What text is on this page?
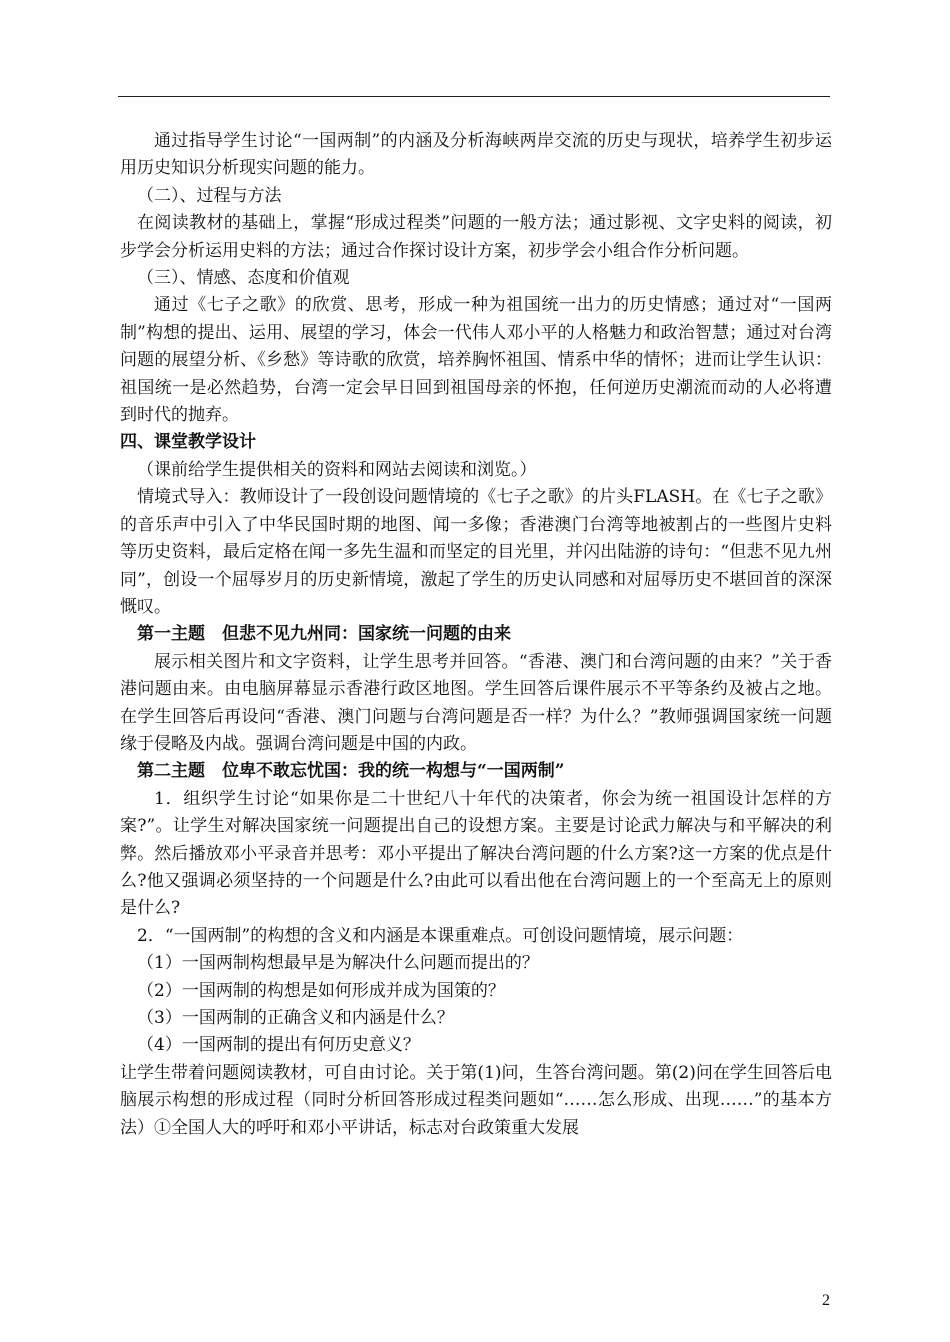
通过指导学生讨论“一国两制”的内涵及分析海峡两岸交流的历史与现状，培养学生初步运用历史知识分析现实问题的能力。

（二）、过程与方法

在阅读教材的基础上，掌握“形成过程类”问题的一般方法；通过影视、文字史料的阅读，初步学会分析运用史料的方法；通过合作探讨设计方案，初步学会小组合作分析问题。

（三）、情感、态度和价值观

通过《七子之歌》的欣赏、思考，形成一种为祖国统一出力的历史情感；通过对“一国两制”构想的提出、运用、展望的学习，体会一代伟人邓小平的人格魅力和政治智慧；通过对台湾问题的展望分析、《乡愁》等诗歌的欣赏，培养胸怀祖国、情系中华的情怀；进而让学生认识：祖国统一是必然趋势，台湾一定会早日回到祖国母亲的怀抱，任何逆历史潮流而动的人必将遭到时代的抛弃。

四、课堂教学设计

（课前给学生提供相关的资料和网站去阅读和浏览。）

情境式导入：教师设计了一段创设问题情境的《七子之歌》的片头FLASH。在《七子之歌》的音乐声中引入了中华民国时期的地图、闻一多像；香港澳门台湾等地被割占的一些图片史料等历史资料，最后定格在闻一多先生温和而坚定的目光里，并闪出陆游的诗句：“但悲不见九州同”，创设一个屈辱岁月的历史新情境，激起了学生的历史认同感和对屈辱历史不堪回首的深深慨叹。

第一主题　但悲不见九州同：国家统一问题的由来

展示相关图片和文字资料，让学生思考并回答。“香港、澳门和台湾问题的由来？”关于香港问题由来。由电脑屏幕显示香港行政区地图。学生回答后课件展示不平等条约及被占之地。在学生回答后再设问“香港、澳门问题与台湾问题是否一样？为什么？”教师强调国家统一问题缘于侵略及内战。强调台湾问题是中国的内政。

第二主题　位卑不敢忘忧国：我的统一构想与“一国两制”

1．组织学生讨论“如果你是二十世纪八十年代的决策者，你会为统一祖国设计怎样的方案?”。让学生对解决国家统一问题提出自己的设想方案。主要是讨论武力解决与和平解决的利弊。然后播放邓小平录音并思考：邓小平提出了解决台湾问题的什么方案?这一方案的优点是什么?他又强调必须坚持的一个问题是什么?由此可以看出他在台湾问题上的一个至高无上的原则是什么?

2．“一国两制”的构想的含义和内涵是本课重难点。可创设问题情境，展示问题：

（1）一国两制构想最早是为解决什么问题而提出的？

（2）一国两制的构想是如何形成并成为国策的？

（3）一国两制的正确含义和内涵是什么？

（4）一国两制的提出有何历史意义？

让学生带着问题阅读教材，可自由讨论。关于第(1)问，生答台湾问题。第(2)问在学生回答后电脑展示构想的形成过程（同时分析回答形成过程类问题如“……怎么形成、出现……”的基本方法）①全国人大的呼吁和邓小平讲话，标志对台政策重大发展

2
